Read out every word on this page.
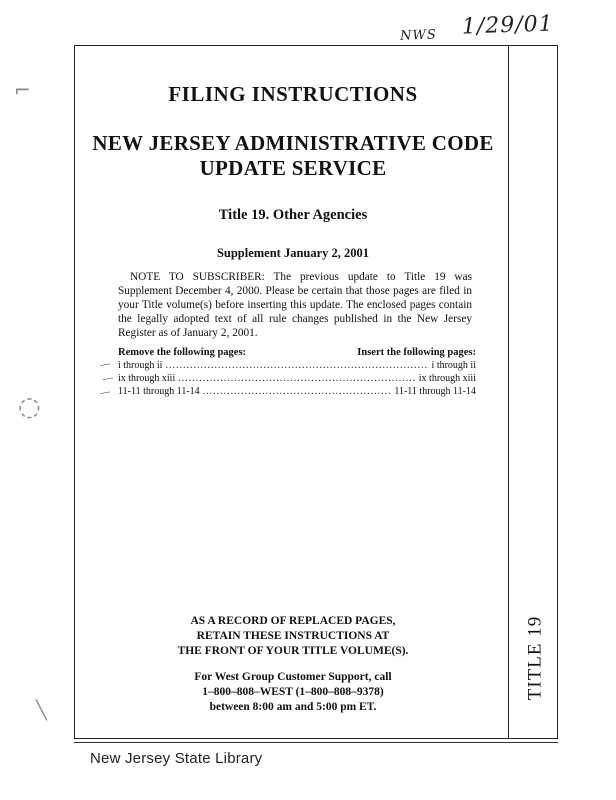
NWS 1/29/01
⌐
◌
╲
TITLE 19
FILING INSTRUCTIONS
NEW JERSEY ADMINISTRATIVE CODE
UPDATE SERVICE
Title 19. Other Agencies
Supplement January 2, 2001
NOTE TO SUBSCRIBER: The previous update to Title 19 was Supplement December 4, 2000. Please be certain that those pages are filed in your Title volume(s) before inserting this update. The enclosed pages contain the legally adopted text of all rule changes published in the New Jersey Register as of January 2, 2001.
Remove the following pages:	Insert the following pages:
i through ii .....	i through ii
ix through xiii .....	ix through xiii
11-11 through 11-14 .....	11-11 through 11-14
—
—
—
AS A RECORD OF REPLACED PAGES,
RETAIN THESE INSTRUCTIONS AT
THE FRONT OF YOUR TITLE VOLUME(S).
For West Group Customer Support, call
1–800–808–WEST (1–800–808–9378)
between 8:00 am and 5:00 pm ET.
New Jersey State Library
